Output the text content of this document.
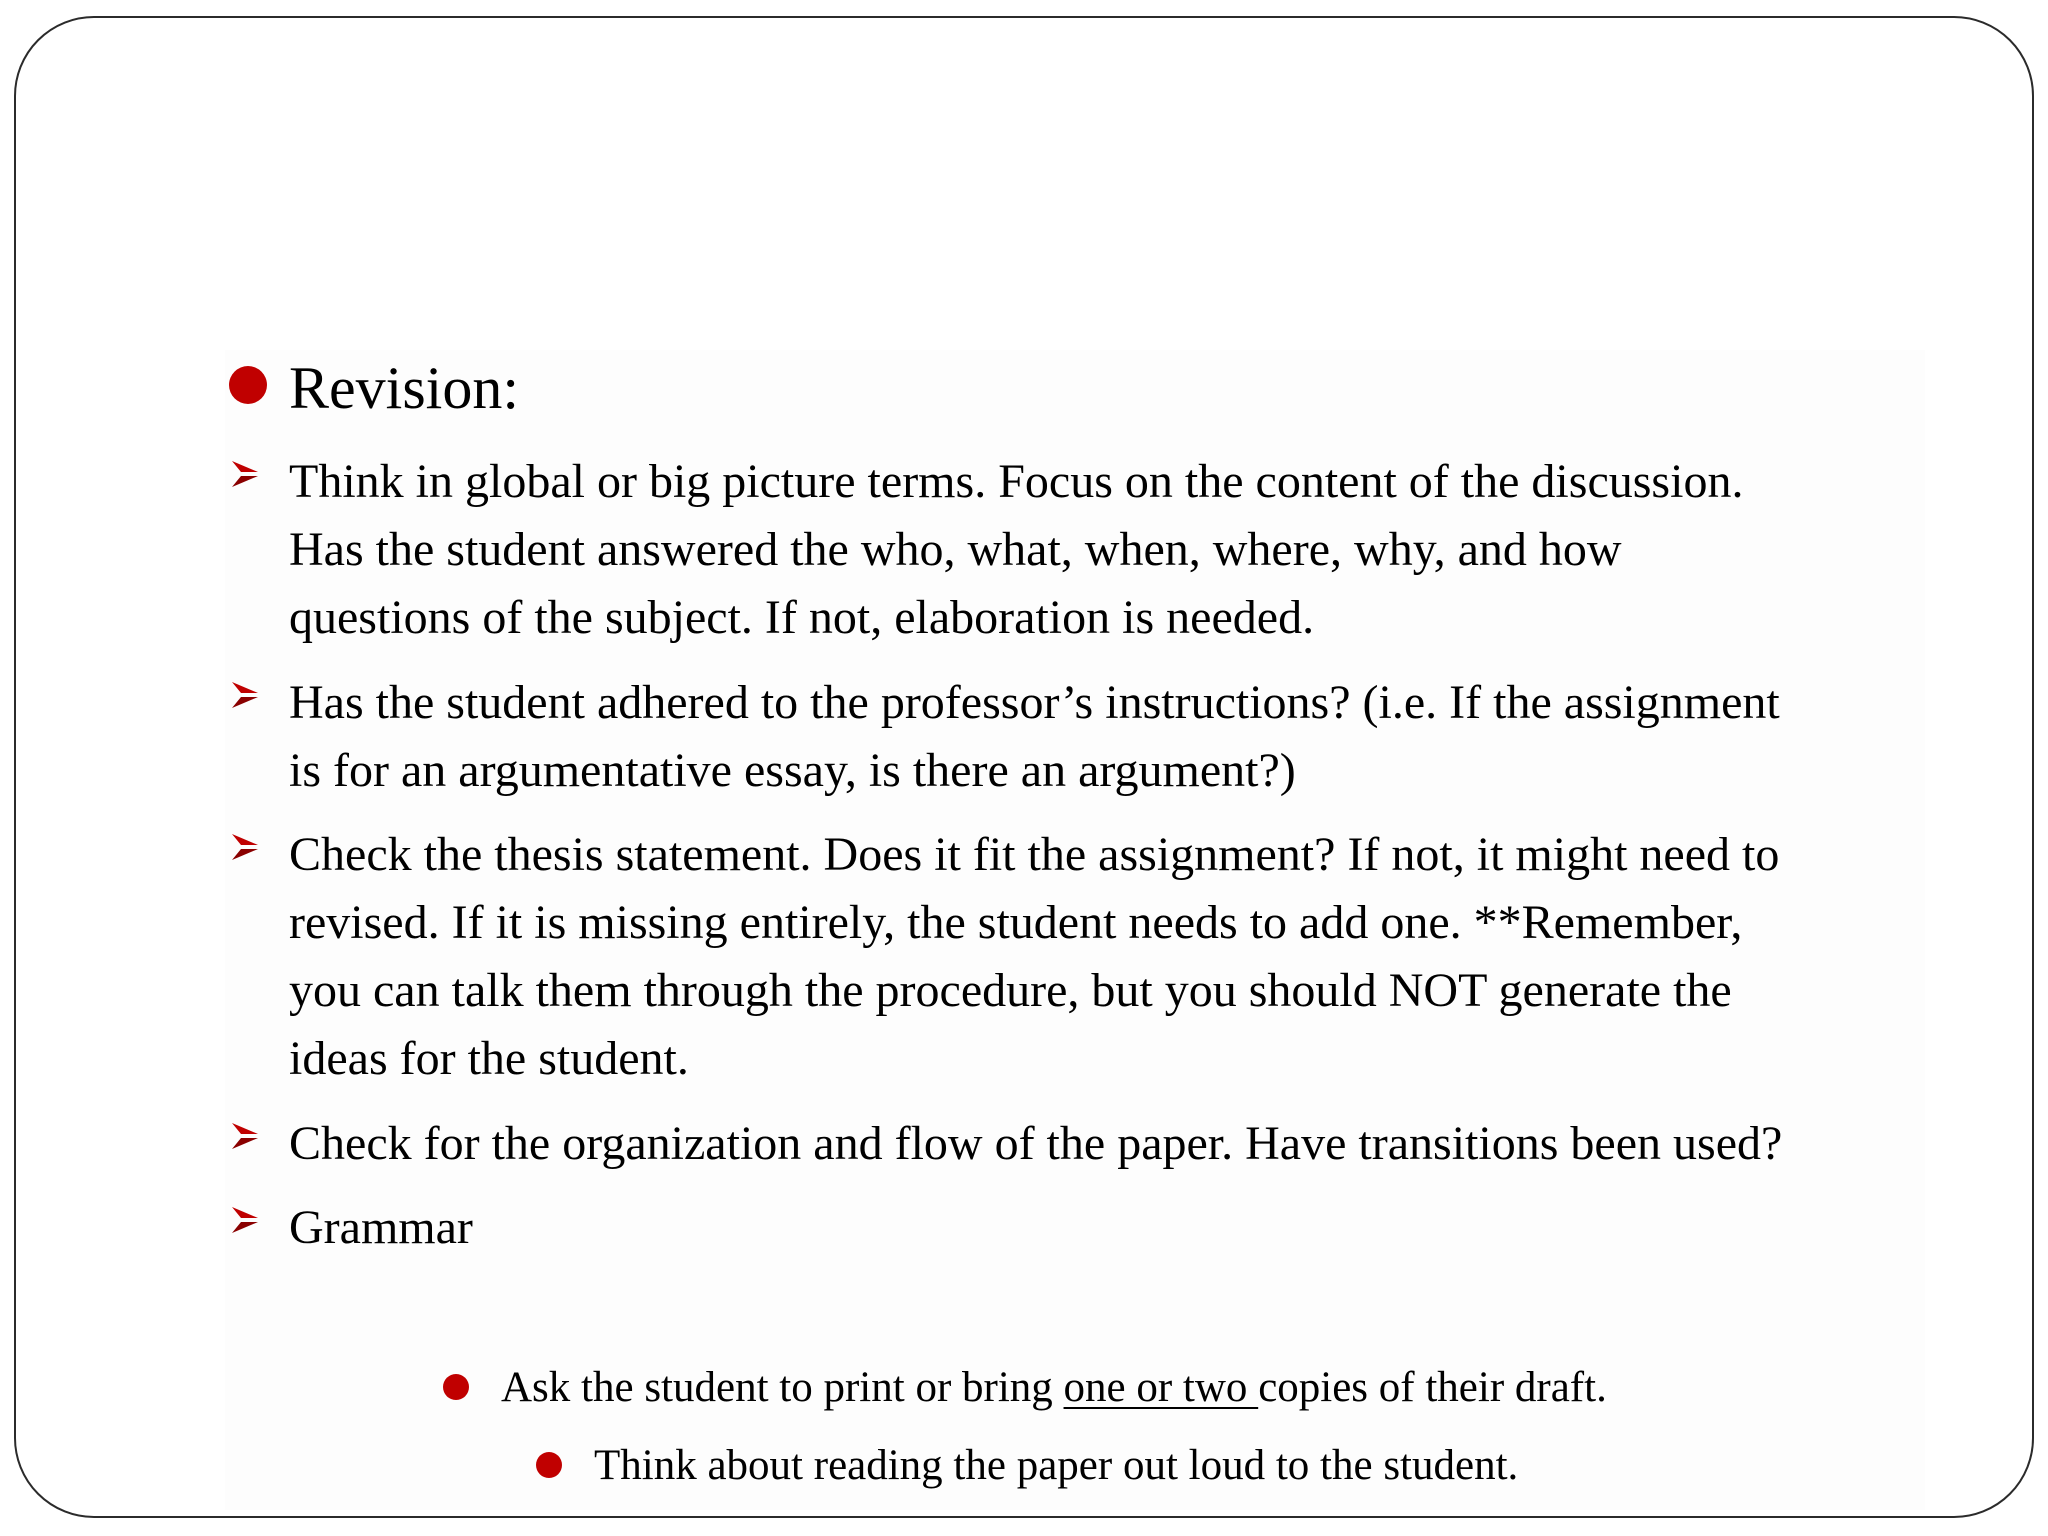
Revision:
Think in global or big picture terms. Focus on the content of the discussion.
Has the student answered the who, what, when, where, why, and how
questions of the subject. If not, elaboration is needed.
Has the student adhered to the professor’s instructions? (i.e. If the assignment
is for an argumentative essay, is there an argument?)
Check the thesis statement. Does it fit the assignment? If not, it might need to
revised. If it is missing entirely, the student needs to add one. **Remember,
you can talk them through the procedure, but you should NOT generate the
ideas for the student.
Check for the organization and flow of the paper. Have transitions been used?
Grammar
Ask the student to print or bring one or two copies of their draft.
Think about reading the paper out loud to the student.
